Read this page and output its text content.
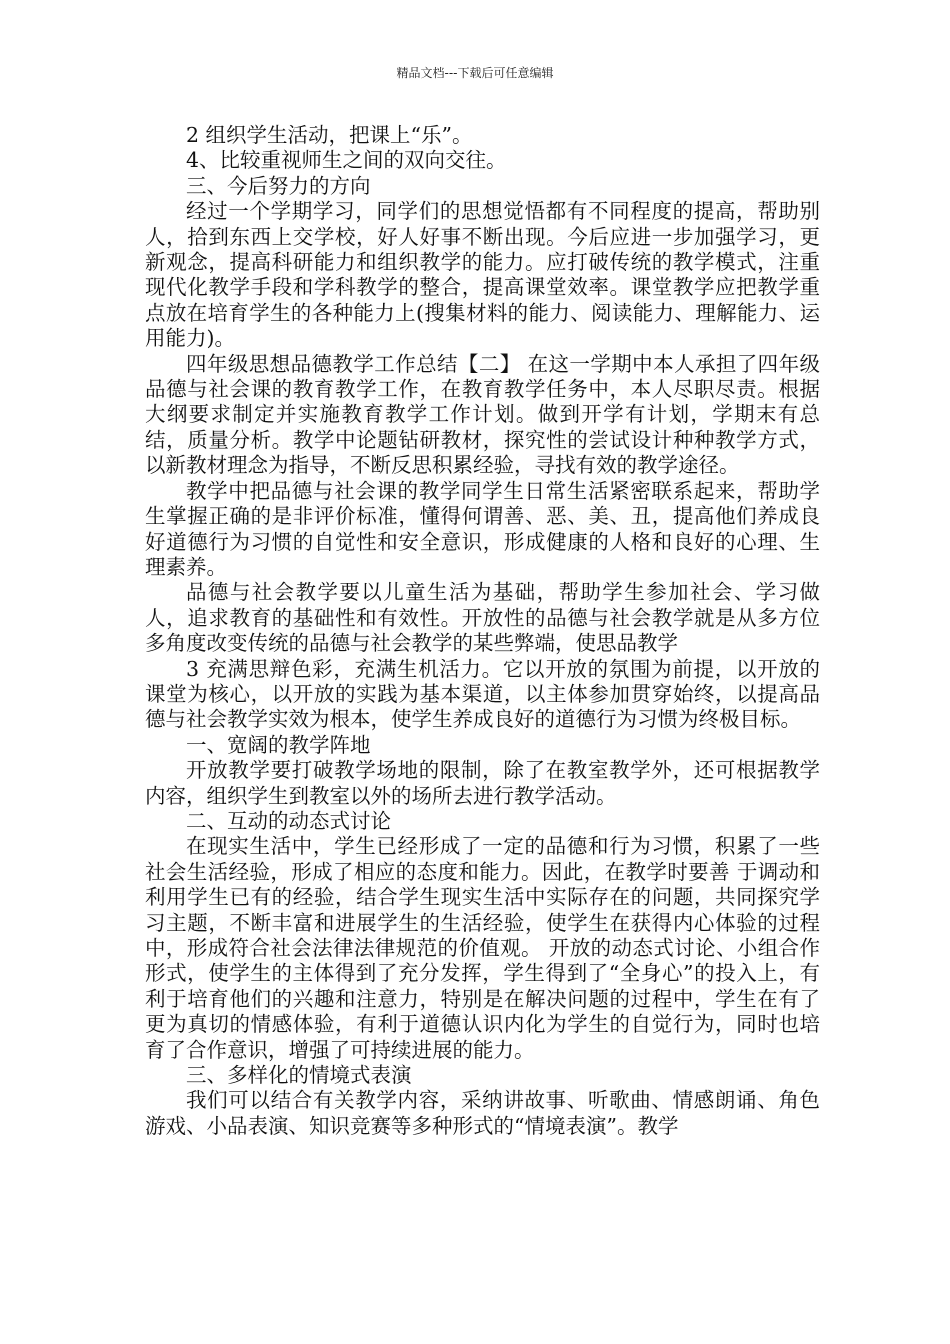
精品文档---下载后可任意编辑

2 组织学生活动，把课上“乐”。

4、比较重视师生之间的双向交往。

三、今后努力的方向

经过一个学期学习，同学们的思想觉悟都有不同程度的提高，帮助别人，拾到东西上交学校，好人好事不断出现。今后应进一步加强学习，更新观念，提高科研能力和组织教学的能力。应打破传统的教学模式，注重现代化教学手段和学科教学的整合，提高课堂效率。课堂教学应把教学重点放在培育学生的各种能力上(搜集材料的能力、阅读能力、理解能力、运用能力)。

四年级思想品德教学工作总结【二】 在这一学期中本人承担了四年级品德与社会课的教育教学工作，在教育教学任务中，本人尽职尽责。根据大纲要求制定并实施教育教学工作计划。做到开学有计划，学期末有总结，质量分析。教学中论题钻研教材，探究性的尝试设计种种教学方式，以新教材理念为指导，不断反思积累经验，寻找有效的教学途径。

教学中把品德与社会课的教学同学生日常生活紧密联系起来，帮助学生掌握正确的是非评价标准，懂得何谓善、恶、美、丑，提高他们养成良好道德行为习惯的自觉性和安全意识，形成健康的人格和良好的心理、生理素养。

品德与社会教学要以儿童生活为基础，帮助学生参加社会、学习做人，追求教育的基础性和有效性。开放性的品德与社会教学就是从多方位多角度改变传统的品德与社会教学的某些弊端，使思品教学

3 充满思辩色彩，充满生机活力。它以开放的氛围为前提，以开放的课堂为核心，以开放的实践为基本渠道，以主体参加贯穿始终，以提高品德与社会教学实效为根本，使学生养成良好的道德行为习惯为终极目标。

一、宽阔的教学阵地

开放教学要打破教学场地的限制，除了在教室教学外，还可根据教学内容，组织学生到教室以外的场所去进行教学活动。

二、互动的动态式讨论

在现实生活中，学生已经形成了一定的品德和行为习惯，积累了一些社会生活经验，形成了相应的态度和能力。因此，在教学时要善 于调动和利用学生已有的经验，结合学生现实生活中实际存在的问题，共同探究学习主题，不断丰富和进展学生的生活经验，使学生在获得内心体验的过程中，形成符合社会法律法律规范的价值观。 开放的动态式讨论、小组合作形式，使学生的主体得到了充分发挥，学生得到了“全身心”的投入上，有利于培育他们的兴趣和注意力，特别是在解决问题的过程中，学生在有了更为真切的情感体验，有利于道德认识内化为学生的自觉行为，同时也培育了合作意识，增强了可持续进展的能力。

三、多样化的情境式表演

我们可以结合有关教学内容，采纳讲故事、听歌曲、情感朗诵、角色游戏、小品表演、知识竞赛等多种形式的“情境表演”。教学
